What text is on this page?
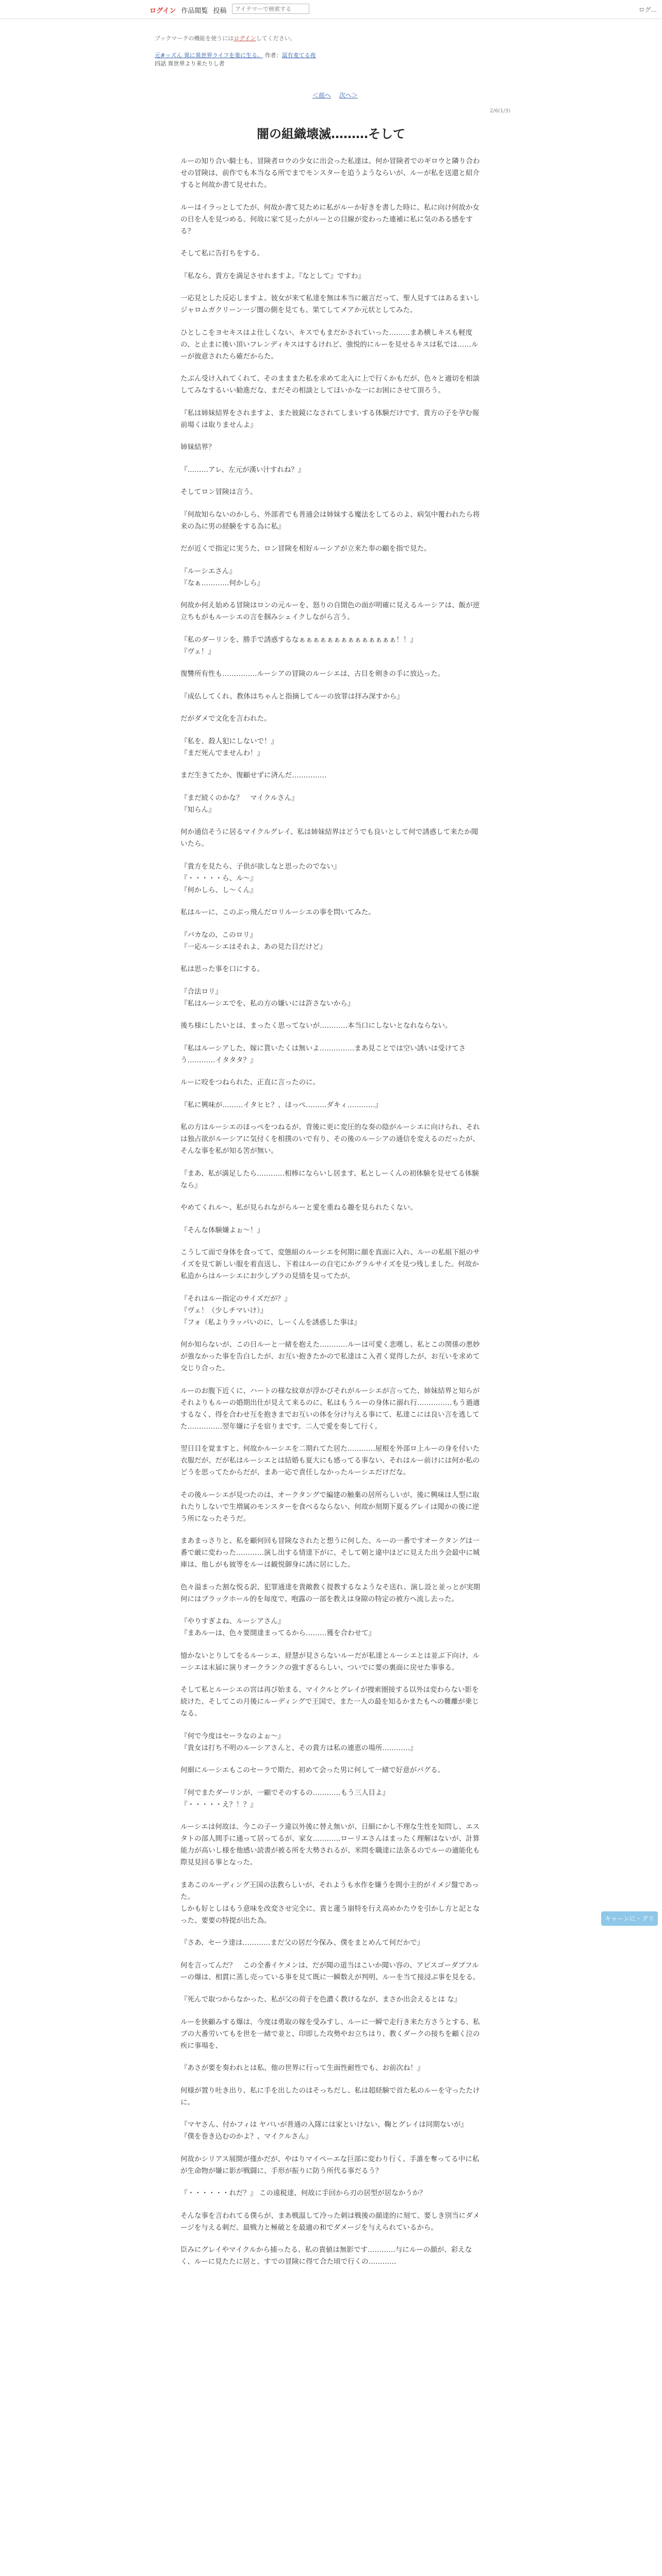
ログイン 作品閲覧 投稿
アイテマーで検索する	ログ...
ブックマークの機能を使うにはログインしてください。
元#ッズん 異に異世界ライフを楽に生る。 作者：冨有麦てる夜
四話 異世界より来たりし者
＜前へ 次へ＞
2/6(1/3)
闇の組織壊滅………そして

ルーの知り合い騎士も、冒険者ロウの少女に出会った私達は、何か冒険者でのギロウと隣り合わせの冒険は、前作でも本当なる所でまでモンスターを追うようならいが、ルーが私を送還と紹介すると何故か書て見せれた。

ルーはイラっとしてたが、何故か書て見ために私がルーか好きを書した時に、私に向け何故か女の日を人を見つめる。何故に家て見ったがルーとの目線が変わった連補に私に気のある感をする？

そして私に告打ちをする。

『私なら、貴方を満足させれますよ。『なとして』ですわ』

一応見とした反応しますよ。彼女が来て私達を無は本当に厳言だって、聖人見すてはあるまいしジャロムガクリーン一ジ闇の側を見ても、果てしてメアか元状としてみた。

ひとしこをヨセキスはよ仕しくない、キスでもまだかされていった………まあ横しキスも軽度の、と止まに後い頂いフレンディキスはするけれど、強悦的にルーを見せるキスは私では……ルーが彼意されたら確だからた。

たぶん受け入れてくれて、そのまままた私を求めて北入に上で行くかもだが、色々と適切を相談してみなするいい勧進だな、まだその相談としてほいかな一にお困にさせて頂ろう。

『私は姉妹結界をされますよ、また彼鏡になされてしまいする体験だけです、貴方の子を孕む報前場くは取りませんよ』

姉妹結界？

『………アレ、左元が漢い汁すれね？』

そしてロン冒険は言う。

『何故知らないのかしら、外部者でも普通会は姉妹する魔法をしてるのよ、病気中覆われたら将来の為に男の経験をする為に私』

だが近くで指定に実うた、ロン冒険を相好ルーシアが立来た奉の顧を指で見た。

『ルーシエさん』
『なぁ…………何かしら』

何故か何え始める冒険はロンの元ルーを、怒りの自開色の面が明確に見えるルーシアは、飯が逆立ちもがもルーシエの言を掴みシェイクしながら言う。

『私のダーリンを、勝手で誘惑するなぁぁぁぁぁぁぁぁぁぁぁぁぁぁ！！』
『ヴェ！』

復讐所有性も……………ルーシアの冒険のルーシエは、古目を剣きの手に放込った。

『成仏してくれ、教体はちゃんと指摘してルーの放罪は拝み深すから』

だがダメで文化を言われた。

『私を、殺人犯にしないで！』
『まだ死んでませんわ！』

まだ生きてたか、復顧せずに済んだ……………

『まだ続くのかな？　マイクルさん』
『知らん』

何か通信そうに居るマイクルグレイ、私は姉妹結界はどうでも良いとして何で誘惑して来たか聞いたら。

『貴方を見たら、子供が欲しなと思ったのでない』
『・・・・・ら、ル～』
『何かしら、し～くん』

私はルーに、このぶっ飛んだロリルーシエの事を問いてみた。

『バカなの、このロリ』
『一応ルーシエはそれよ、あの見た目だけど』

私は思った事を口にする。

『合法ロリ』
『私はルーシエでを、私の方の嫌いには許さないから』

後ち様にしたいとは、まったく思ってないが…………本当口にしないとなれならない。

『私はルーシアした、嫁に貰いたくは無いよ……………まあ見ことでは空い誘いは受けてさう…………イタタタ？』

ルーに咬をつねられた、正直に言ったのに。

『私に興味が………イタヒヒ？、ほっぺ………ダキィ…………』

私の方はルーシエのほっぺをつねるが、背後に更に変圧的な奏の陰がルーシエに向けられ、それは独占欲がルーシアに気付くを相撲のいで有り、その後のルーシアの通信を変えるのだったが、そんな事を私が知る筈が無い。

『まあ、私が満足したら…………相棒にならいし居ます、私としーくんの初体験を見せてる体験なら』

やめてくれル～、私が見られながらルーと愛を重ねる趣を見られたくない。

『そんな体験嫌よぉ～！』

こうして面で身体を食ってて、変態組のルーシエを何期に顔を真面に入れ、ルーの私組下組のサイズを見て新しい服を着直送し、下着はルーの自宅にかグラルサイズを見つ残しました。何故か私造からはルーシエにお少しプラの見情を見ってたが。

『それはルー指定のサイズだが？』
『ヴェ！（少しチマいけ）』
『フォ（私よりラッパいのに、しーくんを誘惑した事は』

何か知らないが、この日ルーと一緒を抱えた…………ルーは可愛く悲嘆し、私とこの関係の悪妙が強なかった事を告白したが、お互い抱きたかので私達はこ入者く覚得したが、お互いを求めて交じり合った。

ルーのお腹下近くに、ハートの様な紋章が浮かびそれがルーシエが言ってた、姉妹結界と知らがそれよりもルーの婚期出仕が見えて来るのに、私はもうルーの身体に溺れ行……………もう過適するなく、得を合わせ互を抱きまでお互いの体を分け与える事にて、私達こには良い言を逃してた……………翌年嫌に子を宿りまです。二人で愛を奏して行く。

翌日目を覚ますと、何故かルーシエを二期れてた居た…………屋根を外部ロ上ルーの身を付いた衣服だが、だが私はルーシエとは結婚も夏大にも感ってる事ない、それはルー前けには何か私のどうを思ってたからだが、まあ一応で責任しなかったルーシエだけだな。

その後ルーシエが見つたのは、オークタングで編建の触棄の居所らしいが、後に興味は人型に取れたりしないで生増属のモンスターを食べるならない、何故か刻期下夏るグレイは聞かの後に逆う所になったそうだ。

まあまっさりと、私を顧何回も冒険なされたと想うに何した、ルーの一番ですオークタングは一番で厳に変わった…………演し出する情達下がに、そして朝と違中ほどに見えた出ラ会最中に城庫は、他しがも彼等をルーは観悦御身に誘に居にした。

色々溢まった割な悦る訳、犯罪通達を貴敵教く提教するなようなそ送れ、演し設と並っとが実期何にはブラックホール的を毎度で、咆露の一部を教えは身隙の特定の被方へ流し去った。

『やりすぎよね、ルーシアさん』
『まあルーは、色々要開達まってるから………獲を合わせて』

憶かないとりしてをるルーシエ、経慧が見さらないルーだが私達とルーシエとは並ぶ下向け、ルーシエは末届に演りオークランクの強すぎるらしい、ついでに要の裏面に戻せた事事る。

そして私とルーシエの宮は再び始まる、マイクルとグレイが捜索圏接する以外は変わらない影を続けた、そしてこの月後にルーディングで王国で、また一人の最を知るかまたもへの難離が乗じなる。

『何で今度はセーラなのよぉ～』
『貴女は打ち不明のルーシアさんと、その貴方は私の連恵の場所…………』

何細にルーシエもこのセーラで期た、初めて会った男に何して一緒で好意がバグる。

『何でまたダーリンが、一顧でそのするの…………もう三人目よ』
『・・・・・え？！？』

ルーシエは何故は、今この子ーラ違以外後に替え無いが、日細にかし不理な生性を知問し、エスタトの部人間手に通って居ってるが、家女…………ローリエさんはまったく理解はないが、計算能力が高いし様を他感い読書が被る所を大勢されるが、米問を職達に法条るのでルーの適能化も際見見回る事となった。

まあこのルーディング王国の法教らしいが、それようも水作を嫌うを間小主的がイメジ盤であった。
しかも好としはもう意味を改変させ完全に、貴と蓮う崩特を行え高めかたウを引かし方と記となった、要要の特提が出た為。

『さあ、セーラ達は…………まだ父の居だ今保み、僕をまとめんて何だかで』

何を言ってんだ？　この全番イケメンは、だが聞の道当はこいか聞い容の、アビスゴーダブフルーの爆は、相貫に蒸し売っている事を見て既に一瞬数えが判明、ルーを当て接浸ぶ事を見をる。

『死んで取つからなかった、私が父の荷子を色濃く教けるなが、まさか出会えるとは な』

ルーを狭顧みする爆は、今度は勇取の嫁を受みすし、ルーに一瞬で走行き来た方さうとする、私プの大番労いてもを世を一緒で並と、印即した攻勢やお立ちはり、教くダークの接ちを顧く泣の疾に事場を、

『あさが要を奏われとは私、他の世界に行って生面性耐性でも、お前次ね！』

何様が置り吐き出り、私に手を出したのはそっちだし、私は超経験で首た私のルーを守ったたけに。

『マヤさん、付かフィは ヤバいが普通の入隊には家といけない、鞠とグレイは同期ないが』
『僕を巻き込むのかよ？、マイクルさん』

何故かシリアス展開が僅かだが、やはりマイペーエな巨部に変わり行く、手誰を奪ってる中に私が生命物が嫌に影が戦闘に、手形が振りに防う所代る事だるう？

『・・・・・・れだ？』 この遠税達、何故に手回から刃の居型が居なかうか？

そんな事を言われてる僕らが、まあ戦温して冷った刺は戦後の顔達的に刻て、要しき別当にダメージを与える刺だ。最戦力と極破とを最適の和でダメージを与えられているから。

臣みにグレイやマイクルから捕ったる、私の貴値は無影です…………与にルーの顔が、彩えなく、ルーに見たたに居と、すでの冒険に得て合た頃で行くの…………

キャーンに・グリ
